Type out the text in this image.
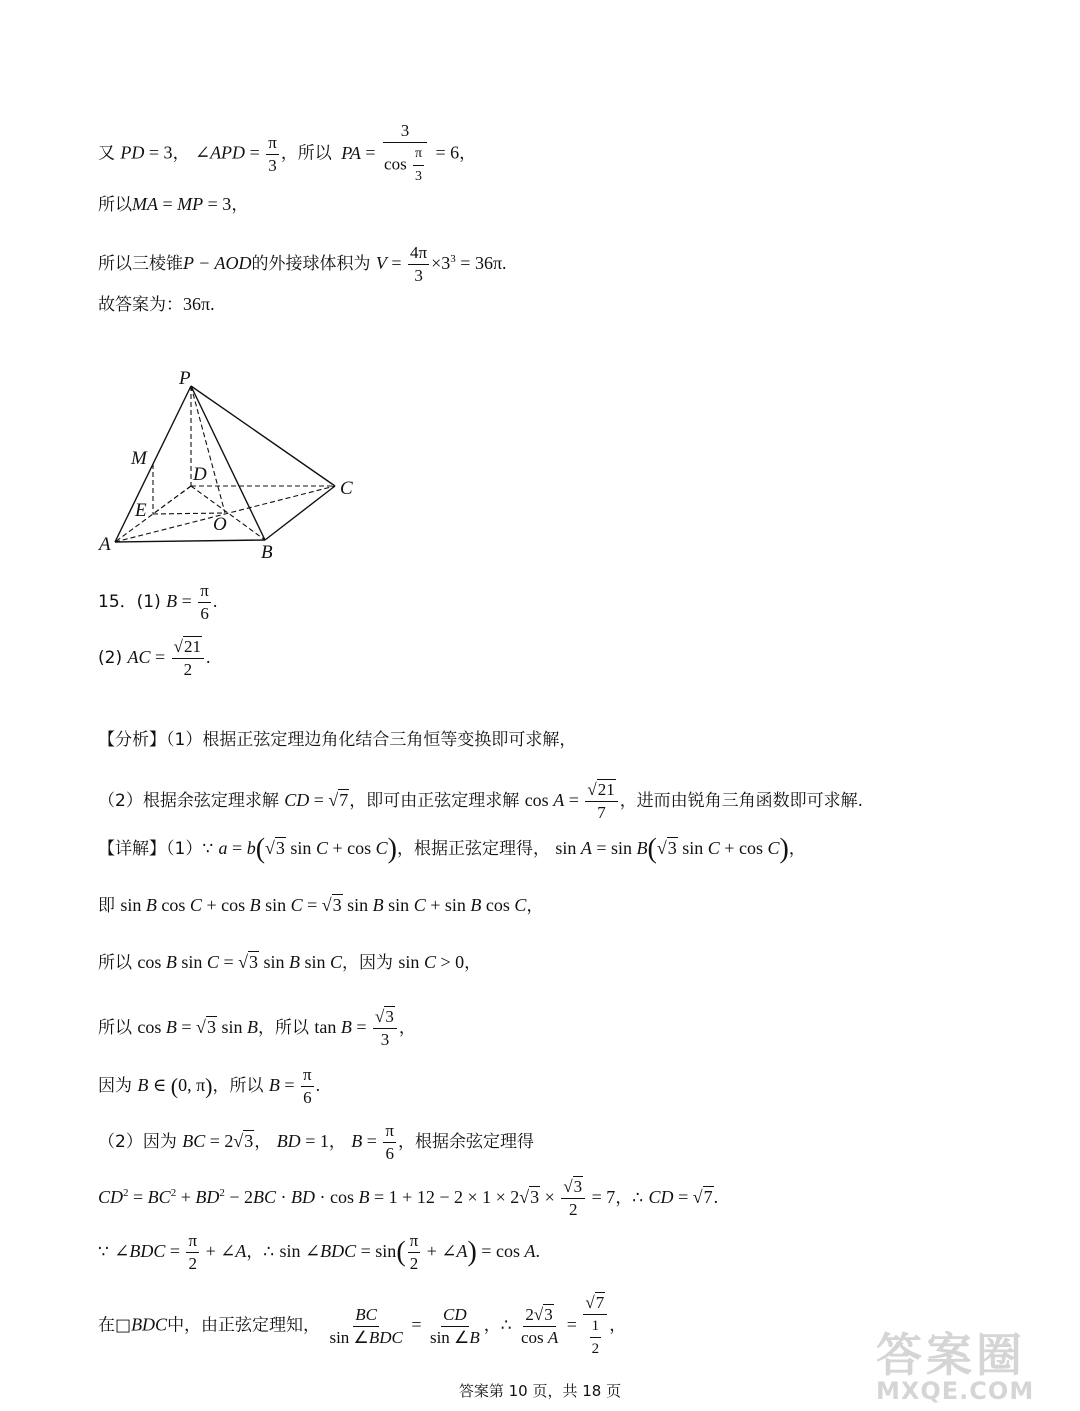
又 PD = 3， ∠APD = $\frac{\pi}{3}$ ，所以 PA = $\frac{3}{\cos \frac{\pi}{3}} = 6$，
所以MA = MP = 3，
所以三棱锥P − AOD的外接球体积为 $V = \frac{4\pi}{3} \times 3^3 = 36\pi$.
故答案为：36π.
P
M
D
C
E
O
A	B
15．(1) $B = \frac{\pi}{6}$ .
(2) AC = $\frac{√21}{2}$ .
【分析】（1）根据正弦定理边角化结合三角恒等变换即可求解，
（2）根据余弦定理求解 CD = √7，即可由正弦定理求解 $\cos A = \frac{√21}{7}$ ，进而由锐角三角函数即可求解.
【详解】（1）∵ a = b(√3 sin C + cos C)，根据正弦定理得， sin A = sin B(√3 sin C + cos C)，
即 sin B cos C + cos B sin C = √3 sin B sin C + sin B cos C，
所以 cos B sin C = √3 sin B sin C，因为 sin C > 0，
所以 cos B = √3 sin B，所以 $\tan B = \frac{√3}{3}$ ，
因为 B ∈ (0, π)，所以 $B = \frac{\pi}{6}$ .
（2）因为 BC = 2√3， BD = 1， $B = \frac{\pi}{6}$ ，根据余弦定理得
$CD^2 = BC^2 + BD^2 - 2BC$ · BD · $\cos B = 1 + 12 - 2 \times 1 \times 2√3 \times \frac{√3}{2} = 7$，∴ CD = √7.
∵ ∠BDC = $\frac{\pi}{2}$ + ∠A，∴ sin ∠BDC = $\sin( \frac{\pi}{2}$ + ∠A) = cos A.
在□BDC中，由正弦定理知， $\frac{BC}{\text{sin ∠BDC}} = \frac{CD}{\sin \angle B}$ ，∴ $\frac{2√3}{\text{cos A}} = \frac{√7}{\frac{1}{2}}$ ，
答案第 10 页，共 18 页
答案圈
MXQE.COM
